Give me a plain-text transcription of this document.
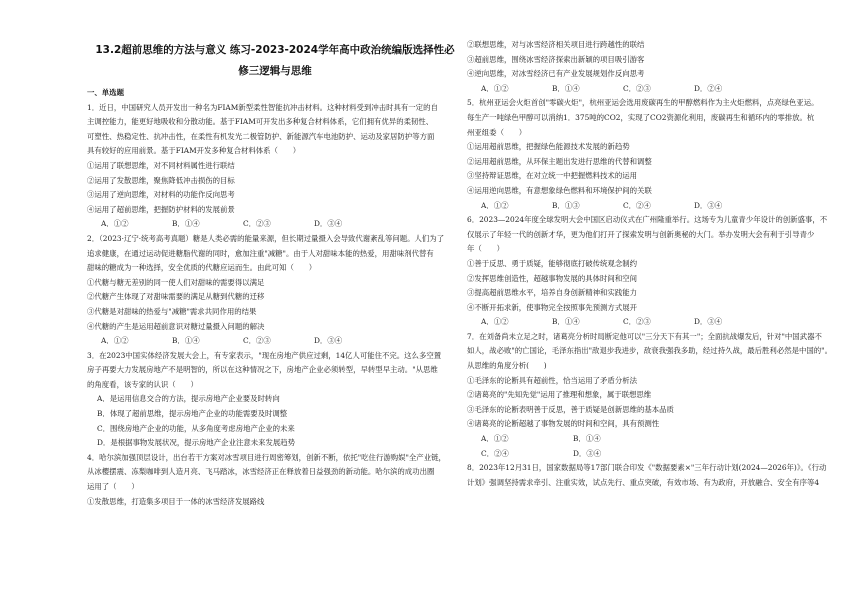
13.2超前思维的方法与意义 练习-2023-2024学年高中政治统编版选择性必
修三逻辑与思维

一、单选题

1．近日，中国研究人员开发出一种名为FIAM新型柔性智能抗冲击材料。这种材料受到冲击时具有一定的自

主调控能力，能更好地吸收和分散动能。基于FIAM可开发出多种复合材料体系，它们拥有优异的柔韧性、

可塑性、热稳定性、抗冲击性，在柔性有机发光二极管防护、新能源汽车电池防护、运动及家居防护等方面

具有较好的应用前景。基于FIAM开发多种复合材料体系（　　）

①运用了联想思维，对不同材料属性进行联结

②运用了发散思维，聚焦降低冲击损伤的目标

③运用了逆向思维，对材料的功能作反向思考

④运用了超前思维，把握防护材料的发展前景

A．①②	B．①④	C．②③	D．③④

2．（2023·辽宁·统考高考真题）糖是人类必需的能量来源，但长期过量摄入会导致代谢紊乱等问题。人们为了

追求健康，在通过运动促进糖脂代谢的同时，愈加注重"减糖"。由于人对甜味本能的热爱，用甜味剂代替有

甜味的糖成为一种选择，安全优质的代糖应运而生。由此可知（　　）

①代糖与糖无差别的同一使人们对甜味的需要得以满足

②代糖产生体现了对甜味需要的满足从糖到代糖的迁移

③代糖是对甜味的热爱与"减糖"需求共同作用的结果

④代糖的产生是运用超前意识对糖过量摄入问题的解决

A．①②	B．①④	C．②③	D．③④

3．在2023中国实体经济发展大会上，有专家表示，"现在房地产供应过剩，14亿人可能住不完。这么多空置

房子再要大力发展房地产不是明智的，所以在这种情况之下，房地产企业必须转型，早转型早主动。"从思维

的角度看，该专家的认识（　　）

A．是运用信息交合的方法，提示房地产企业要及时转向

B．体现了超前思维，提示房地产企业的功能需要及时调整

C．围绕房地产企业的功能，从多角度考虑房地产企业的未来

D．是根据事物发展状况，提示房地产企业注意未来发展趋势

4．哈尔滨加强顶层设计，出台若干方案对冰雪项目进行周密筹划，创新不断，依托"吃住行游购娱"全产业链，

从冰樱摆震、冻梨咖啡到人造月亮、飞马踏冰，冰雪经济正在释放着日益强劲的新动能。哈尔滨的成功出圈

运用了（　　）

①发散思维，打造集多项目于一体的冰雪经济发展路线

②联想思维，对与冰雪经济相关项目进行跨越性的联结

③超前思维，围绕冰雪经济探索出新颖的项目吸引游客

④逆向思维，对冰雪经济已有产业发展规划作反向思考

A．①②	B．①④	C．②③	D．②④

5．杭州亚运会火炬首创"零碳火炬"，杭州亚运会选用废碳再生的甲醇燃料作为主火炬燃料，点亮绿色亚运。

每生产一吨绿色甲醇可以消纳1．375吨的CO2，实现了CO2资源化利用，废碳再生和循环内的零排放。杭

州亚组委（　　）

①运用超前思维，把握绿色能源技术发展的新趋势

②运用超前思维，从环保主题出发进行思维的代替和调整

③坚持辩证思维，在对立统一中把握燃料技术的运用

④运用逆向思维，有意想象绿色燃料和环境保护间的关联

A．①②	B．①③	C．②④	D．③④

6．2023—2024年度全球发明大会中国区启动仪式在广州隆重举行。这场专为儿童青少年设计的创新盛事，不

仅展示了年轻一代的创新才华，更为他们打开了探索发明与创新奥秘的大门。举办发明大会有利于引导青少

年（　　）

①善于反思、勇于质疑，能够彻底打破传统观念制约

②发挥思维创造性，超越事物发展的具体时间和空间

③提高超前思维水平，培养自身创新精神和实践能力

④不断开拓求新，使事物完全按照事先预测方式展开

A．①②	B．①④	C．②③	D．③④

7．在刘备尚未立足之时，诸葛亮分析时局断定他可以"三分天下有其一"；全面抗战爆发后，针对"中国武器不

如人，战必败"的亡国论，毛泽东指出"敌退步我进步，敌衰我强我多助，经过持久战，最后胜利必然是中国的"。

从思维的角度分析(　　)

①毛泽东的论断具有超前性，恰当运用了矛盾分析法

②诸葛亮的"先知先觉"运用了推理和想象，属于联想思维

③毛泽东的论断表明善于反思，善于质疑是创新思维的基本品质

④诸葛亮的论断超越了事物发展的时间和空间，具有预测性

A．①②	B．①④
C．②④	D．③④

8．2023年12月31日，国家数据局等17部门联合印发《"数据要素×"三年行动计划(2024—2026年)》。《行动

计划》强调坚持需求牵引、注重实效，试点先行、重点突破，有效市场、有为政府，开放融合、安全有序等4
